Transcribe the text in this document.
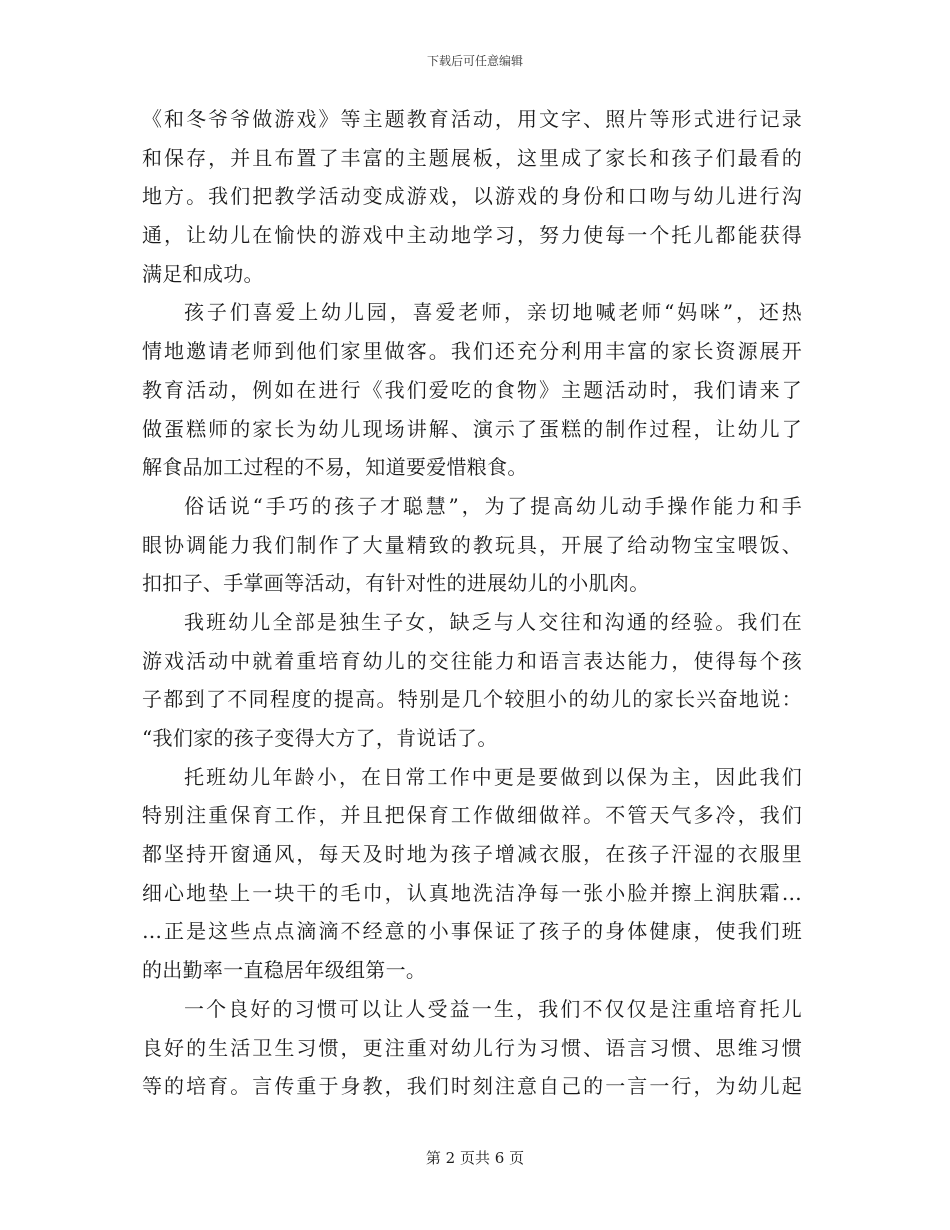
下载后可任意编辑
《和冬爷爷做游戏》等主题教育活动，用文字、照片等形式进行记录
和保存，并且布置了丰富的主题展板，这里成了家长和孩子们最看的
地方。我们把教学活动变成游戏，以游戏的身份和口吻与幼儿进行沟
通，让幼儿在愉快的游戏中主动地学习，努力使每一个托儿都能获得
满足和成功。
孩子们喜爱上幼儿园，喜爱老师，亲切地喊老师“妈咪”，还热
情地邀请老师到他们家里做客。我们还充分利用丰富的家长资源展开
教育活动，例如在进行《我们爱吃的食物》主题活动时，我们请来了
做蛋糕师的家长为幼儿现场讲解、演示了蛋糕的制作过程，让幼儿了
解食品加工过程的不易，知道要爱惜粮食。
俗话说“手巧的孩子才聪慧”，为了提高幼儿动手操作能力和手
眼协调能力我们制作了大量精致的教玩具，开展了给动物宝宝喂饭、
扣扣子、手掌画等活动，有针对性的进展幼儿的小肌肉。
我班幼儿全部是独生子女，缺乏与人交往和沟通的经验。我们在
游戏活动中就着重培育幼儿的交往能力和语言表达能力，使得每个孩
子都到了不同程度的提高。特别是几个较胆小的幼儿的家长兴奋地说：
“我们家的孩子变得大方了，肯说话了。
托班幼儿年龄小，在日常工作中更是要做到以保为主，因此我们
特别注重保育工作，并且把保育工作做细做祥。不管天气多冷，我们
都坚持开窗通风，每天及时地为孩子增减衣服，在孩子汗湿的衣服里
细心地垫上一块干的毛巾，认真地洗洁净每一张小脸并擦上润肤霜…
…正是这些点点滴滴不经意的小事保证了孩子的身体健康，使我们班
的出勤率一直稳居年级组第一。
一个良好的习惯可以让人受益一生，我们不仅仅是注重培育托儿
良好的生活卫生习惯，更注重对幼儿行为习惯、语言习惯、思维习惯
等的培育。言传重于身教，我们时刻注意自己的一言一行，为幼儿起
第 2 页共 6 页
